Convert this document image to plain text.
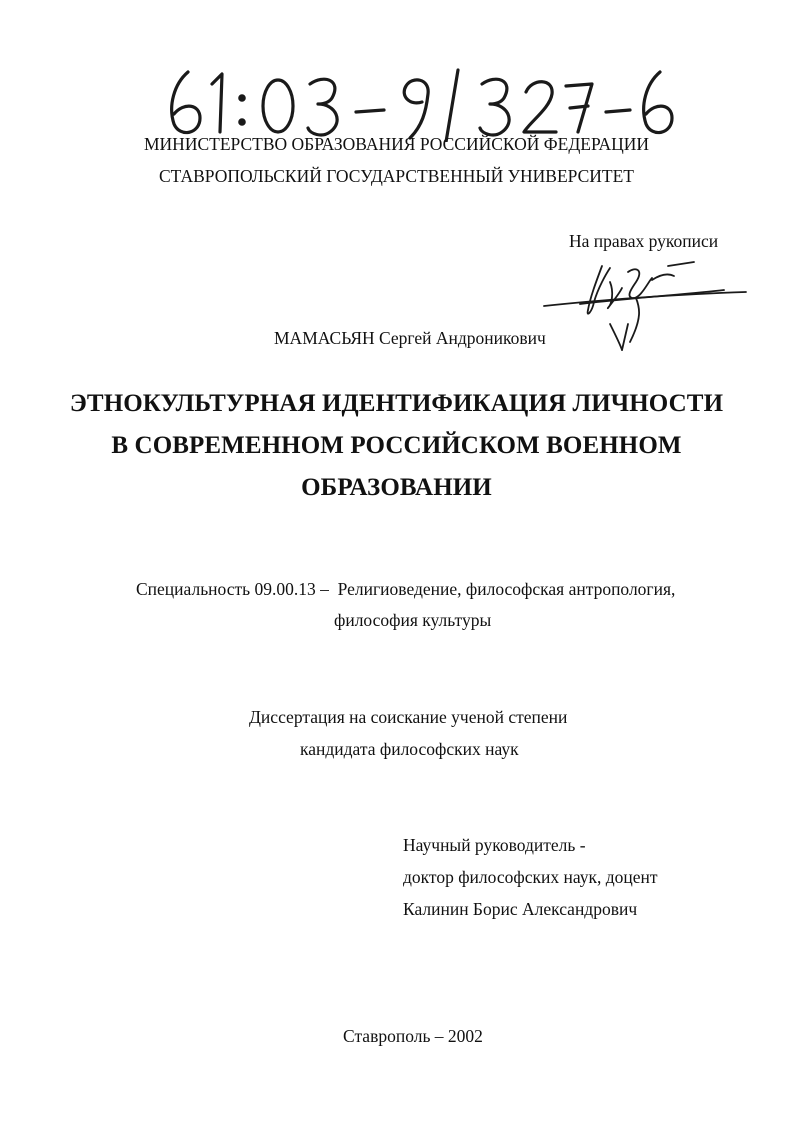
МИНИСТЕРСТВО ОБРАЗОВАНИЯ РОССИЙСКОЙ ФЕДЕРАЦИИ
СТАВРОПОЛЬСКИЙ ГОСУДАРСТВЕННЫЙ УНИВЕРСИТЕТ
На правах рукописи
МАМАСЬЯН Сергей Андроникович
ЭТНОКУЛЬТУРНАЯ ИДЕНТИФИКАЦИЯ ЛИЧНОСТИ
В СОВРЕМЕННОМ РОССИЙСКОМ ВОЕННОМ
ОБРАЗОВАНИИ
Специальность 09.00.13 –  Религиоведение, философская антропология,
философия культуры
Диссертация на соискание ученой степени
кандидата философских наук
Научный руководитель -
доктор философских наук, доцент
Калинин Борис Александрович
Ставрополь – 2002
